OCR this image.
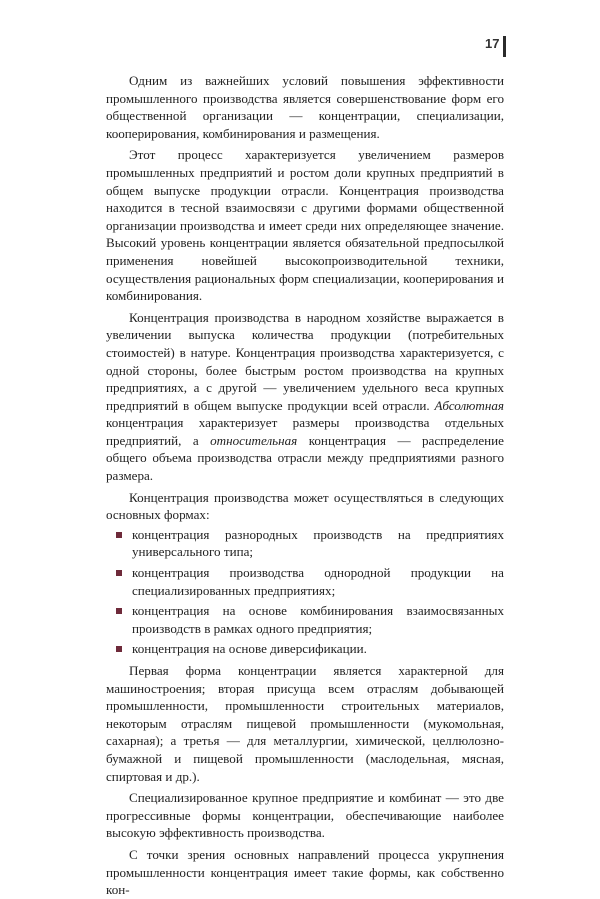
17

Одним из важнейших условий повышения эффективности промышленного производства является совершенствование форм его общественной организации — концентрации, специализации, кооперирования, комбинирования и размещения.

Этот процесс характеризуется увеличением размеров промышленных предприятий и ростом доли крупных предприятий в общем выпуске продукции отрасли. Концентрация производства находится в тесной взаимосвязи с другими формами общественной организации производства и имеет среди них определяющее значение. Высокий уровень концентрации является обязательной предпосылкой применения новейшей высокопроизводительной техники, осуществления рациональных форм специализации, кооперирования и комбинирования.

Концентрация производства в народном хозяйстве выражается в увеличении выпуска количества продукции (потребительных стоимостей) в натуре. Концентрация производства характеризуется, с одной стороны, более быстрым ростом производства на крупных предприятиях, а с другой — увеличением удельного веса крупных предприятий в общем выпуске продукции всей отрасли. Абсолютная концентрация характеризует размеры производства отдельных предприятий, а относительная концентрация — распределение общего объема производства отрасли между предприятиями разного размера.

Концентрация производства может осуществляться в следующих основных формах:

концентрация разнородных производств на предприятиях универсального типа;
концентрация производства однородной продукции на специализированных предприятиях;
концентрация на основе комбинирования взаимосвязанных производств в рамках одного предприятия;
концентрация на основе диверсификации.

Первая форма концентрации является характерной для машиностроения; вторая присуща всем отраслям добывающей промышленности, промышленности строительных материалов, некоторым отраслям пищевой промышленности (мукомольная, сахарная); а третья — для металлургии, химической, целлюлозно-бумажной и пищевой промышленности (маслодельная, мясная, спиртовая и др.).

Специализированное крупное предприятие и комбинат — это две прогрессивные формы концентрации, обеспечивающие наиболее высокую эффективность производства.

С точки зрения основных направлений процесса укрупнения промышленности концентрация имеет такие формы, как собственно кон-
